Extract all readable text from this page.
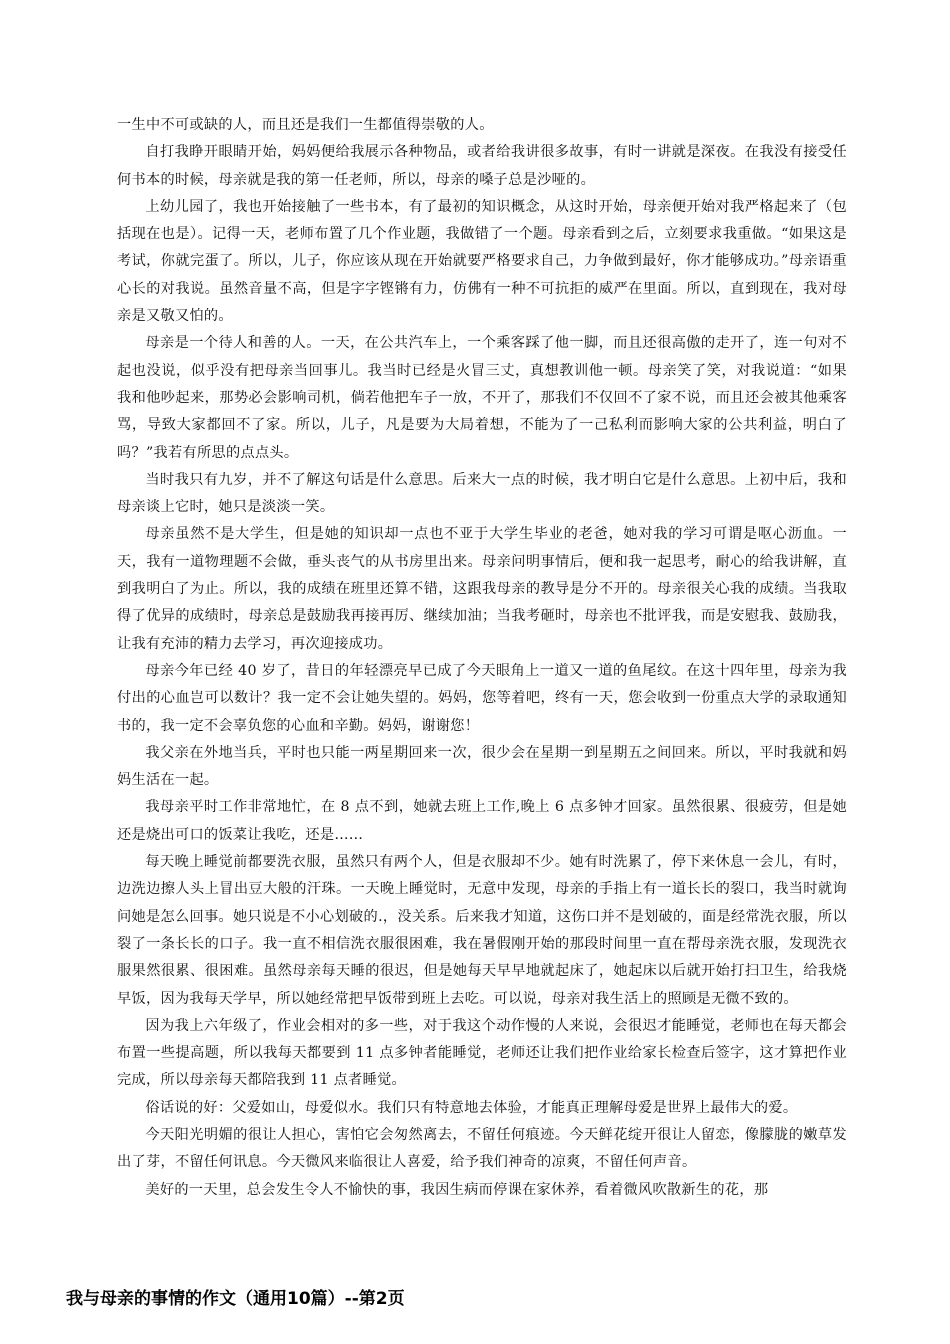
一生中不可或缺的人，而且还是我们一生都值得崇敬的人。

自打我睁开眼睛开始，妈妈便给我展示各种物品，或者给我讲很多故事，有时一讲就是深夜。在我没有接受任何书本的时候，母亲就是我的第一任老师，所以，母亲的嗓子总是沙哑的。

上幼儿园了，我也开始接触了一些书本，有了最初的知识概念，从这时开始，母亲便开始对我严格起来了（包括现在也是）。记得一天，老师布置了几个作业题，我做错了一个题。母亲看到之后，立刻要求我重做。“如果这是考试，你就完蛋了。所以，儿子，你应该从现在开始就要严格要求自己，力争做到最好，你才能够成功。”母亲语重心长的对我说。虽然音量不高，但是字字铿锵有力，仿佛有一种不可抗拒的威严在里面。所以，直到现在，我对母亲是又敬又怕的。

母亲是一个待人和善的人。一天，在公共汽车上，一个乘客踩了他一脚，而且还很高傲的走开了，连一句对不起也没说，似乎没有把母亲当回事儿。我当时已经是火冒三丈，真想教训他一顿。母亲笑了笑，对我说道：“如果我和他吵起来，那势必会影响司机，倘若他把车子一放，不开了，那我们不仅回不了家不说，而且还会被其他乘客骂，导致大家都回不了家。所以，儿子，凡是要为大局着想，不能为了一己私利而影响大家的公共利益，明白了吗？”我若有所思的点点头。

当时我只有九岁，并不了解这句话是什么意思。后来大一点的时候，我才明白它是什么意思。上初中后，我和母亲谈上它时，她只是淡淡一笑。

母亲虽然不是大学生，但是她的知识却一点也不亚于大学生毕业的老爸，她对我的学习可谓是呕心沥血。一天，我有一道物理题不会做，垂头丧气的从书房里出来。母亲问明事情后，便和我一起思考，耐心的给我讲解，直到我明白了为止。所以，我的成绩在班里还算不错，这跟我母亲的教导是分不开的。母亲很关心我的成绩。当我取得了优异的成绩时，母亲总是鼓励我再接再厉、继续加油；当我考砸时，母亲也不批评我，而是安慰我、鼓励我，让我有充沛的精力去学习，再次迎接成功。

母亲今年已经 40 岁了，昔日的年轻漂亮早已成了今天眼角上一道又一道的鱼尾纹。在这十四年里，母亲为我付出的心血岂可以数计？我一定不会让她失望的。妈妈，您等着吧，终有一天，您会收到一份重点大学的录取通知书的，我一定不会辜负您的心血和辛勤。妈妈，谢谢您！

我父亲在外地当兵，平时也只能一两星期回来一次，很少会在星期一到星期五之间回来。所以，平时我就和妈妈生活在一起。

我母亲平时工作非常地忙，在 8 点不到，她就去班上工作,晚上 6 点多钟才回家。虽然很累、很疲劳，但是她还是烧出可口的饭菜让我吃，还是……

每天晚上睡觉前都要洗衣服，虽然只有两个人，但是衣服却不少。她有时洗累了，停下来休息一会儿，有时，边洗边擦人头上冒出豆大般的汗珠。一天晚上睡觉时，无意中发现，母亲的手指上有一道长长的裂口，我当时就询问她是怎么回事。她只说是不小心划破的.，没关系。后来我才知道，这伤口并不是划破的，面是经常洗衣服，所以裂了一条长长的口子。我一直不相信洗衣服很困难，我在暑假刚开始的那段时间里一直在帮母亲洗衣服，发现洗衣服果然很累、很困难。虽然母亲每天睡的很迟，但是她每天早早地就起床了，她起床以后就开始打扫卫生，给我烧早饭，因为我每天学早，所以她经常把早饭带到班上去吃。可以说，母亲对我生活上的照顾是无微不致的。

因为我上六年级了，作业会相对的多一些，对于我这个动作慢的人来说，会很迟才能睡觉，老师也在每天都会布置一些提高题，所以我每天都要到 11 点多钟者能睡觉，老师还让我们把作业给家长检查后签字，这才算把作业完成，所以母亲每天都陪我到 11 点者睡觉。

俗话说的好：父爱如山，母爱似水。我们只有特意地去体验，才能真正理解母爱是世界上最伟大的爱。

今天阳光明媚的很让人担心，害怕它会匆然离去，不留任何痕迹。今天鲜花绽开很让人留恋，像朦胧的嫩草发出了芽，不留任何讯息。今天微风来临很让人喜爱，给予我们神奇的凉爽，不留任何声音。

美好的一天里，总会发生令人不愉快的事，我因生病而停课在家休养，看着微风吹散新生的花，那

我与母亲的事情的作文（通用10篇）--第2页
